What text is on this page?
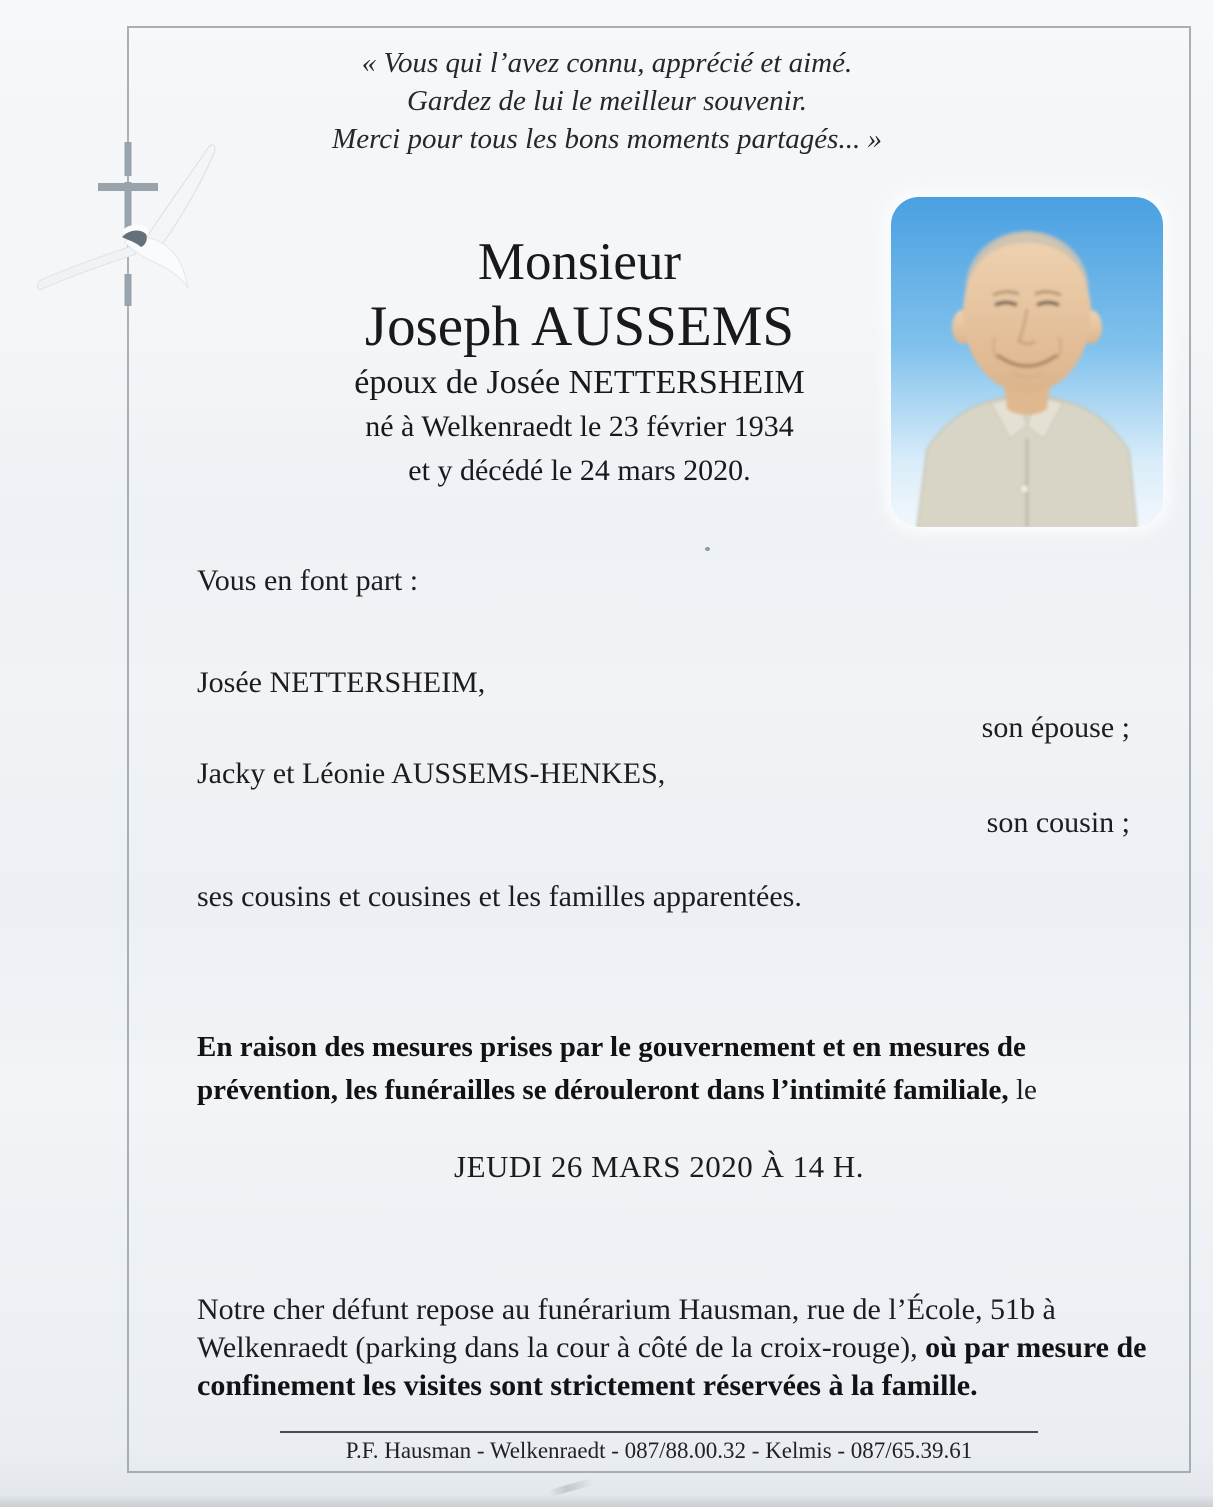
« Vous qui l’avez connu, apprécié et aimé.
Gardez de lui le meilleur souvenir.
Merci pour tous les bons moments partagés... »
Monsieur
Joseph AUSSEMS
époux de Josée NETTERSHEIM
né à Welkenraedt le 23 février 1934
et y décédé le 24 mars 2020.
Vous en font part :
Josée NETTERSHEIM,
son épouse ;
Jacky et Léonie AUSSEMS-HENKES,
son cousin ;
ses cousins et cousines et les familles apparentées.

En raison des mesures prises par le gouvernement et en mesures de prévention, les funérailles se dérouleront dans l’intimité familiale, le

JEUDI 26 MARS 2020 À 14 H.

Notre cher défunt repose au funérarium Hausman, rue de l’École, 51b à Welkenraedt (parking dans la cour à côté de la croix-rouge), où par mesure de confinement les visites sont strictement réservées à la famille.

P.F. Hausman - Welkenraedt - 087/88.00.32 - Kelmis - 087/65.39.61
